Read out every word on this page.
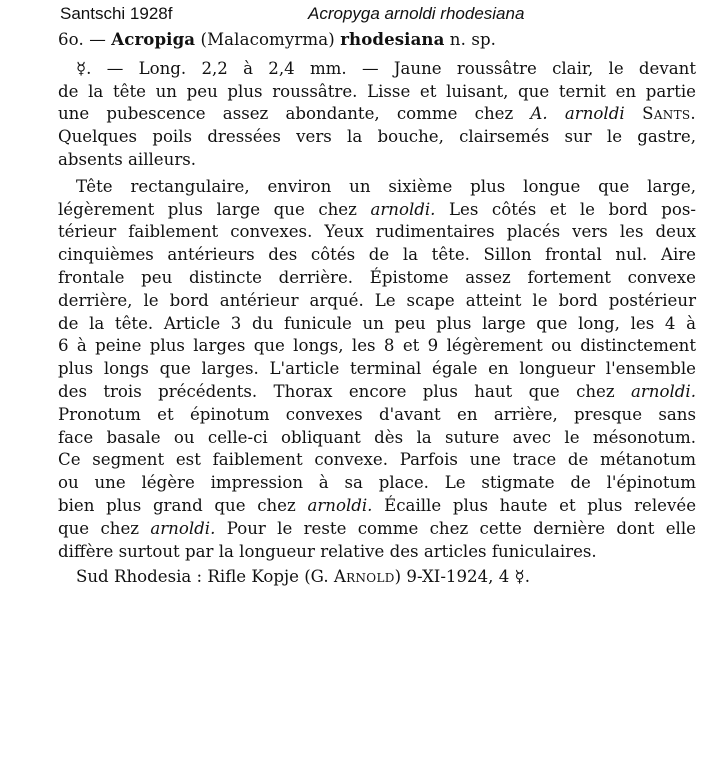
Santschi 1928f	Acropyga arnoldi rhodesiana
6o. — Acropiga (Malacomyrma) rhodesiana n. sp.
☿. — Long. 2,2 à 2,4 mm. — Jaune roussâtre clair, le devant
de la tête un peu plus roussâtre. Lisse et luisant, que ternit en partie
une pubescence assez abondante, comme chez A. arnoldi Sants.
Quelques poils dressées vers la bouche, clairsemés sur le gastre,
absents ailleurs.
Tête rectangulaire, environ un sixième plus longue que large,
légèrement plus large que chez arnoldi. Les côtés et le bord pos-
térieur faiblement convexes. Yeux rudimentaires placés vers les deux
cinquièmes antérieurs des côtés de la tête. Sillon frontal nul. Aire
frontale peu distincte derrière. Épistome assez fortement convexe
derrière, le bord antérieur arqué. Le scape atteint le bord postérieur
de la tête. Article 3 du funicule un peu plus large que long, les 4 à
6 à peine plus larges que longs, les 8 et 9 légèrement ou distinctement
plus longs que larges. L'article terminal égale en longueur l'ensemble
des trois précédents. Thorax encore plus haut que chez arnoldi.
Pronotum et épinotum convexes d'avant en arrière, presque sans
face basale ou celle-ci obliquant dès la suture avec le mésonotum.
Ce segment est faiblement convexe. Parfois une trace de métanotum
ou une légère impression à sa place. Le stigmate de l'épinotum
bien plus grand que chez arnoldi. Écaille plus haute et plus relevée
que chez arnoldi. Pour le reste comme chez cette dernière dont elle
diffère surtout par la longueur relative des articles funiculaires.
Sud Rhodesia : Rifle Kopje (G. Arnold) 9-XI-1924, 4 ☿.
